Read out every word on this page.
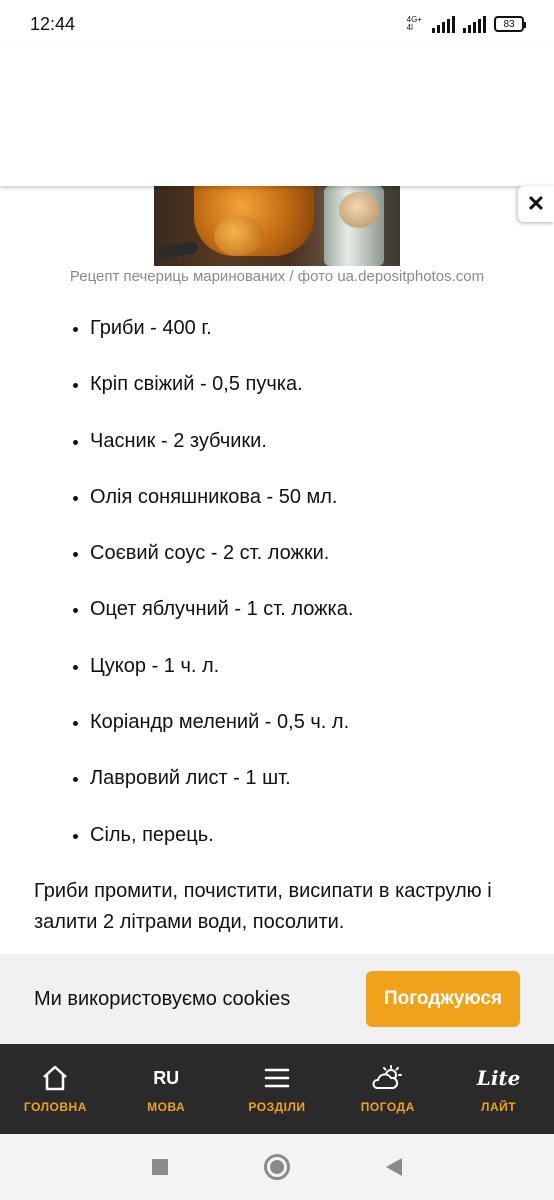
12:44	4G+
4l	83
✕
Рецепт печериць маринованих / фото ua.depositphotos.com
• Гриби - 400 г.
• Кріп свіжий - 0,5 пучка.
• Часник - 2 зубчики.
• Олія соняшникова - 50 мл.
• Соєвий соус - 2 ст. ложки.
• Оцет яблучний - 1 ст. ложка.
• Цукор - 1 ч. л.
• Коріандр мелений - 0,5 ч. л.
• Лавровий лист - 1 шт.
• Сіль, перець.

Гриби промити, почистити, висипати в каструлю і залити 2 літрами води, посолити.

Ми використовуємо cookies	Погоджуюся
ГОЛОВНА
RU
МОВА	РОЗДІЛИ	ПОГОДА
Lite
ЛАЙТ
